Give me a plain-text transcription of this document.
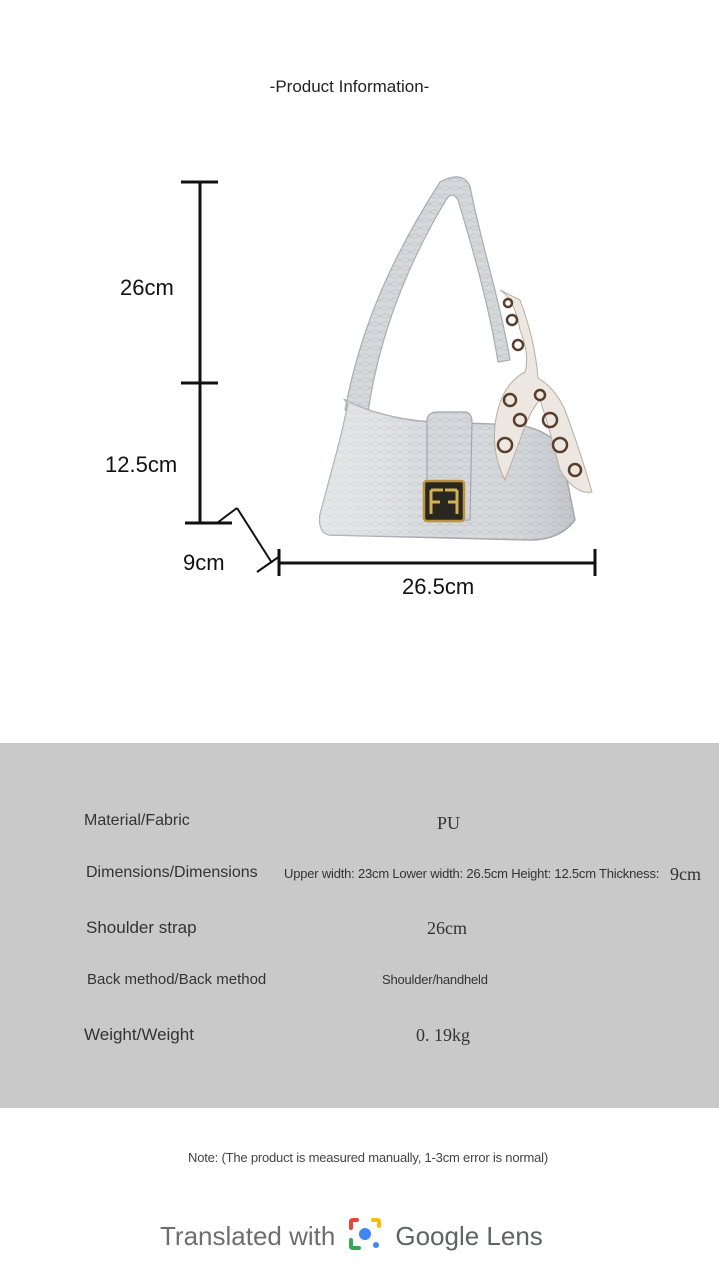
-Product Information-
26cm
12.5cm
9cm
26.5cm
Material/Fabric	PU
Dimensions/Dimensions Upper width: 23cm Lower width: 26.5cm Height: 12.5cm Thickness: 9cm
Shoulder strap	26cm
Back method/Back method	Shoulder/handheld
Weight/Weight	0. 19kg
Note: (The product is measured manually, 1-3cm error is normal)
Translated with Google Lens
